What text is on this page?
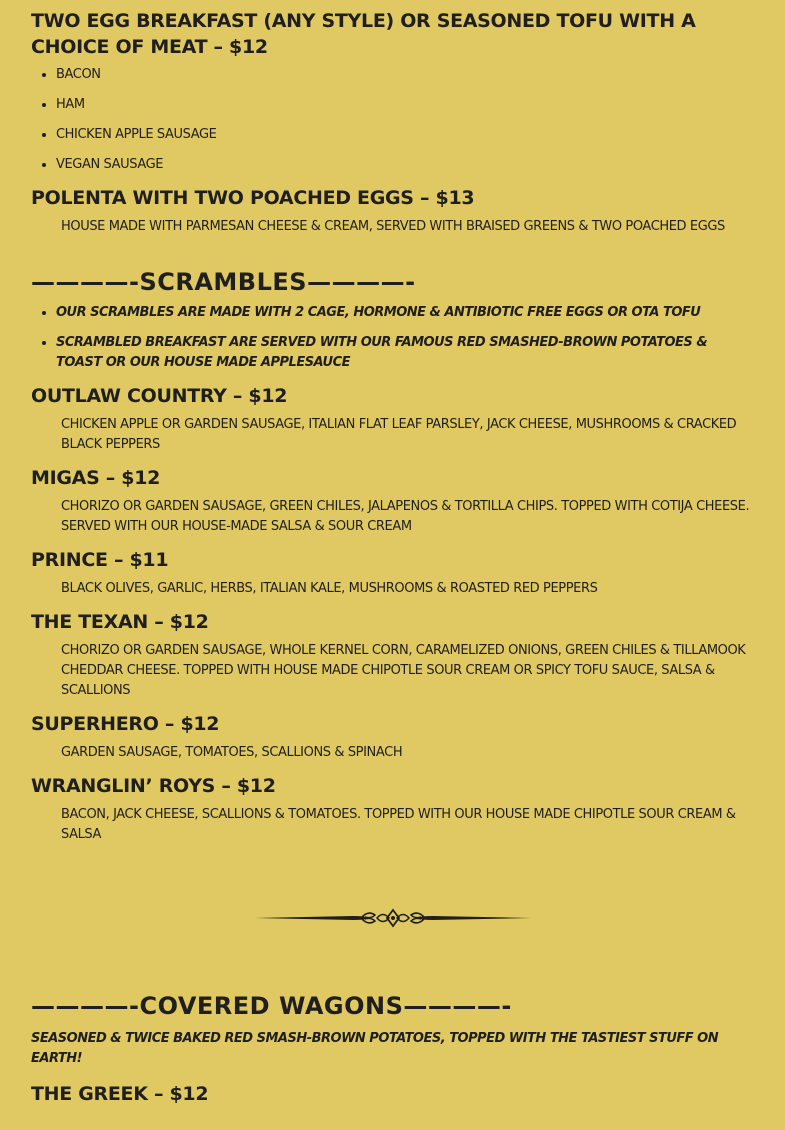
TWO EGG BREAKFAST (ANY STYLE) OR SEASONED TOFU WITH A CHOICE OF MEAT – $12
• BACON
• HAM
• CHICKEN APPLE SAUSAGE
• VEGAN SAUSAGE
POLENTA WITH TWO POACHED EGGS – $13

HOUSE MADE WITH PARMESAN CHEESE & CREAM, SERVED WITH BRAISED GREENS & TWO POACHED EGGS

————-SCRAMBLES————-
• OUR SCRAMBLES ARE MADE WITH 2 CAGE, HORMONE & ANTIBIOTIC FREE EGGS OR OTA TOFU
• SCRAMBLED BREAKFAST ARE SERVED WITH OUR FAMOUS RED SMASHED-BROWN POTATOES & TOAST OR OUR HOUSE MADE APPLESAUCE
OUTLAW COUNTRY – $12

CHICKEN APPLE OR GARDEN SAUSAGE, ITALIAN FLAT LEAF PARSLEY, JACK CHEESE, MUSHROOMS & CRACKED BLACK PEPPERS

MIGAS – $12

CHORIZO OR GARDEN SAUSAGE, GREEN CHILES, JALAPENOS & TORTILLA CHIPS. TOPPED WITH COTIJA CHEESE. SERVED WITH OUR HOUSE-MADE SALSA & SOUR CREAM

PRINCE – $11

BLACK OLIVES, GARLIC, HERBS, ITALIAN KALE, MUSHROOMS & ROASTED RED PEPPERS

THE TEXAN – $12

CHORIZO OR GARDEN SAUSAGE, WHOLE KERNEL CORN, CARAMELIZED ONIONS, GREEN CHILES & TILLAMOOK CHEDDAR CHEESE. TOPPED WITH HOUSE MADE CHIPOTLE SOUR CREAM OR SPICY TOFU SAUCE, SALSA & SCALLIONS

SUPERHERO – $12

GARDEN SAUSAGE, TOMATOES, SCALLIONS & SPINACH

WRANGLIN’ ROYS – $12

BACON, JACK CHEESE, SCALLIONS & TOMATOES. TOPPED WITH OUR HOUSE MADE CHIPOTLE SOUR CREAM & SALSA

————-COVERED WAGONS————-

SEASONED & TWICE BAKED RED SMASH-BROWN POTATOES, TOPPED WITH THE TASTIEST STUFF ON EARTH!

THE GREEK – $12
